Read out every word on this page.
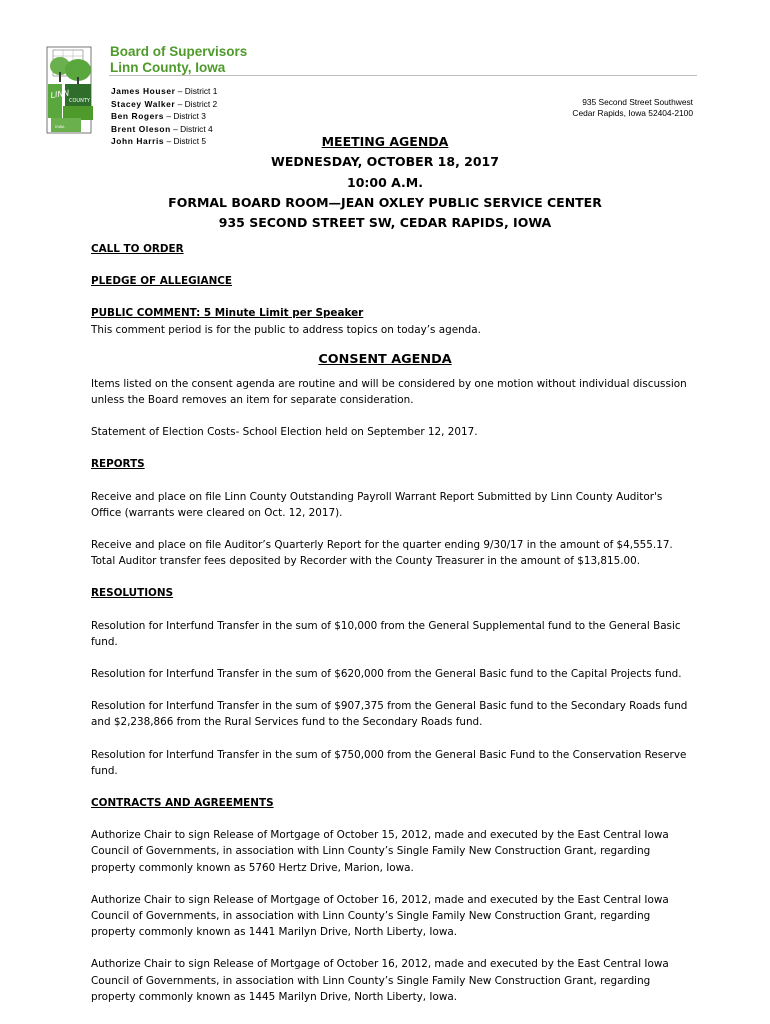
LINN
COUNTY
IOWA
Board of Supervisors
Linn County, Iowa
James Houser – District 1
Stacey Walker – District 2
Ben Rogers – District 3
Brent Oleson – District 4
John Harris – District 5
935 Second Street Southwest
Cedar Rapids, Iowa 52404-2100
MEETING AGENDA
WEDNESDAY, OCTOBER 18, 2017
10:00 A.M.
FORMAL BOARD ROOM—JEAN OXLEY PUBLIC SERVICE CENTER
935 SECOND STREET SW, CEDAR RAPIDS, IOWA
CONSENT AGENDA

CALL TO ORDER

PLEDGE OF ALLEGIANCE

PUBLIC COMMENT: 5 Minute Limit per Speaker

This comment period is for the public to address topics on today’s agenda.

Items listed on the consent agenda are routine and will be considered by one motion without individual discussion

unless the Board removes an item for separate consideration.

Statement of Election Costs- School Election held on September 12, 2017.

REPORTS

Receive and place on file Linn County Outstanding Payroll Warrant Report Submitted by Linn County Auditor's

Office (warrants were cleared on Oct. 12, 2017).

Receive and place on file Auditor’s Quarterly Report for the quarter ending 9/30/17 in the amount of $4,555.17.

Total Auditor transfer fees deposited by Recorder with the County Treasurer in the amount of $13,815.00.

RESOLUTIONS

Resolution for Interfund Transfer in the sum of $10,000 from the General Supplemental fund to the General Basic

fund.

Resolution for Interfund Transfer in the sum of $620,000 from the General Basic fund to the Capital Projects fund.

Resolution for Interfund Transfer in the sum of $907,375 from the General Basic fund to the Secondary Roads fund

and $2,238,866 from the Rural Services fund to the Secondary Roads fund.

Resolution for Interfund Transfer in the sum of $750,000 from the General Basic Fund to the Conservation Reserve

fund.

CONTRACTS AND AGREEMENTS

Authorize Chair to sign Release of Mortgage of October 15, 2012, made and executed by the East Central Iowa

Council of Governments, in association with Linn County’s Single Family New Construction Grant, regarding

property commonly known as 5760 Hertz Drive, Marion, Iowa.

Authorize Chair to sign Release of Mortgage of October 16, 2012, made and executed by the East Central Iowa

Council of Governments, in association with Linn County’s Single Family New Construction Grant, regarding

property commonly known as 1441 Marilyn Drive, North Liberty, Iowa.

Authorize Chair to sign Release of Mortgage of October 16, 2012, made and executed by the East Central Iowa

Council of Governments, in association with Linn County’s Single Family New Construction Grant, regarding

property commonly known as 1445 Marilyn Drive, North Liberty, Iowa.
